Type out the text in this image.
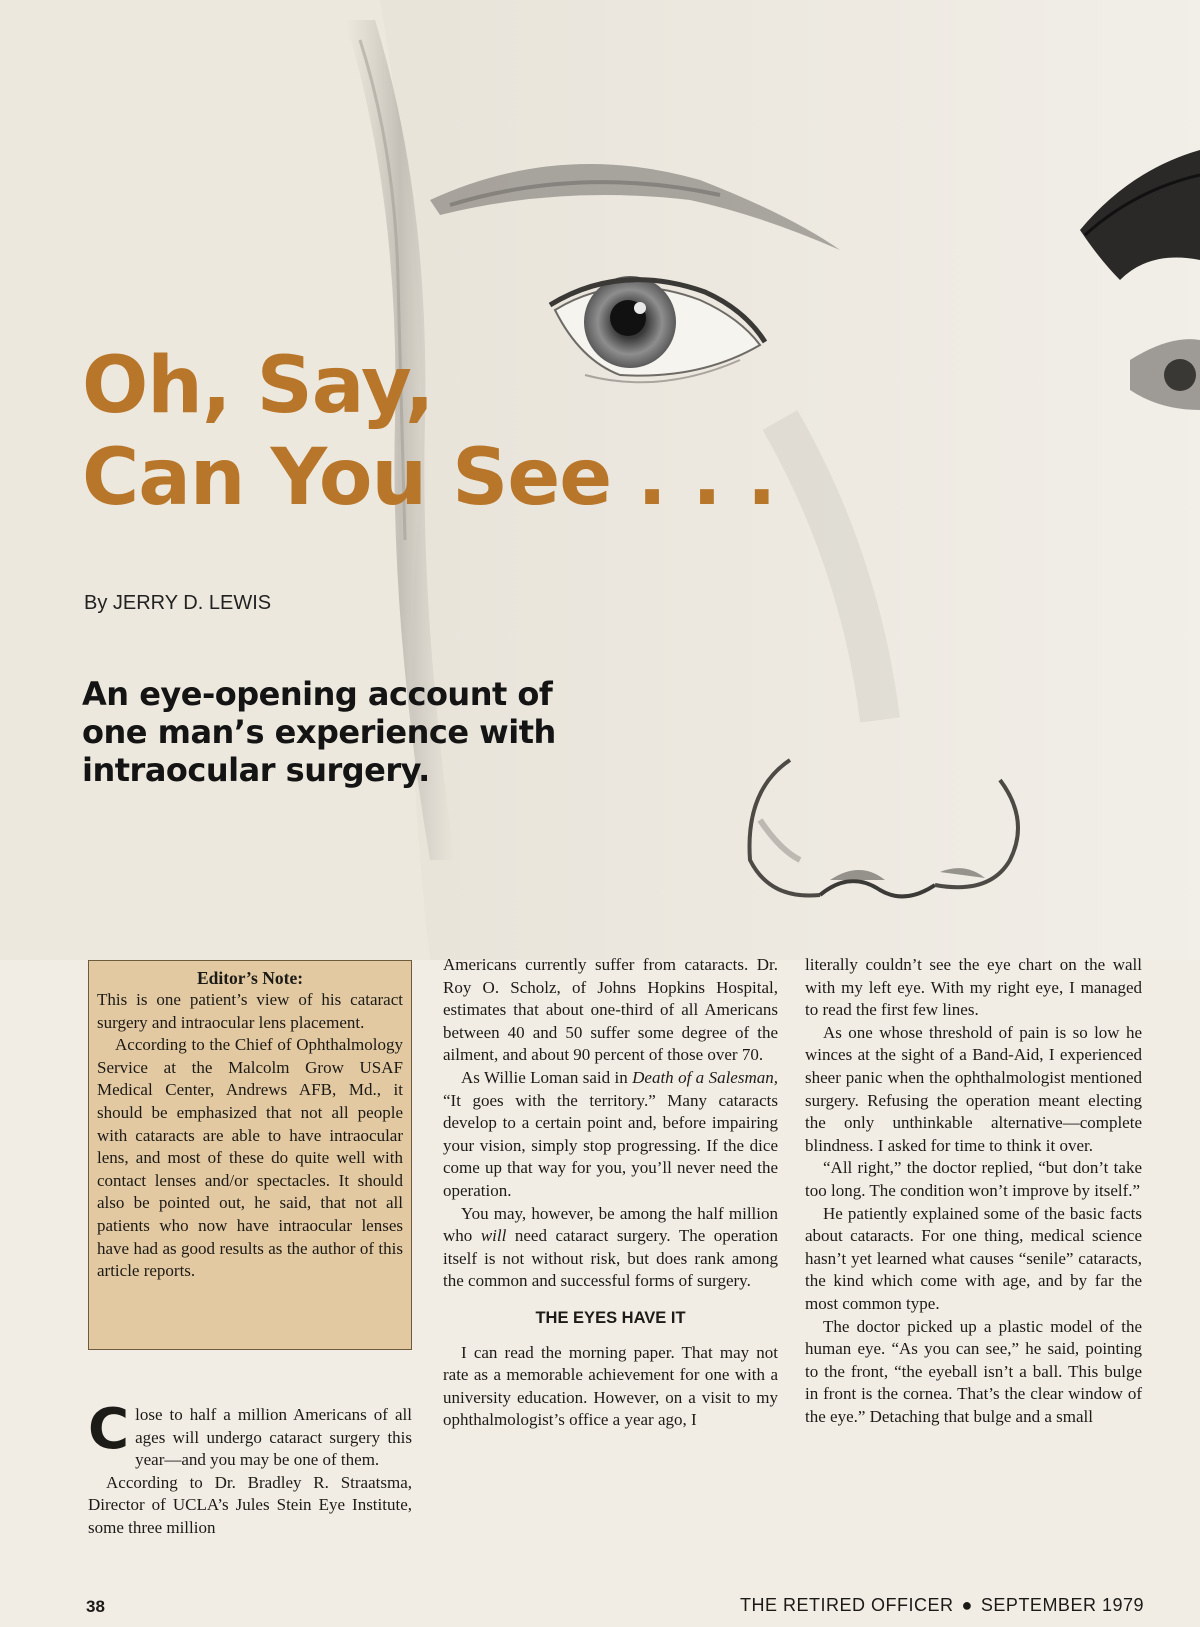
Oh, Say,
Can You See . . .
By JERRY D. LEWIS
An eye-opening account of
one man’s experience with
intraocular surgery.
Editor’s Note:

This is one patient’s view of his cataract surgery and intraocular lens placement.

According to the Chief of Ophthalmology Service at the Malcolm Grow USAF Medical Center, Andrews AFB, Md., it should be emphasized that not all people with cataracts are able to have intraocular lens, and most of these do quite well with contact lenses and/or spectacles. It should also be pointed out, he said, that not all patients who now have intraocular lenses have had as good results as the author of this article reports.

Close to half a million Americans of all ages will undergo cataract surgery this year—and you may be one of them.

According to Dr. Bradley R. Straatsma, Director of UCLA’s Jules Stein Eye Institute, some three million

Americans currently suffer from cataracts. Dr. Roy O. Scholz, of Johns Hopkins Hospital, estimates that about one-third of all Americans between 40 and 50 suffer some degree of the ailment, and about 90 percent of those over 70.

As Willie Loman said in Death of a Salesman, “It goes with the territory.” Many cataracts develop to a certain point and, before impairing your vision, simply stop progressing. If the dice come up that way for you, you’ll never need the operation.

You may, however, be among the half million who will need cataract surgery. The operation itself is not without risk, but does rank among the common and successful forms of surgery.

THE EYES HAVE IT

I can read the morning paper. That may not rate as a memorable achievement for one with a university education. However, on a visit to my ophthalmologist’s office a year ago, I

literally couldn’t see the eye chart on the wall with my left eye. With my right eye, I managed to read the first few lines.

As one whose threshold of pain is so low he winces at the sight of a Band-Aid, I experienced sheer panic when the ophthalmologist mentioned surgery. Refusing the operation meant electing the only unthinkable alternative—complete blindness. I asked for time to think it over.

“All right,” the doctor replied, “but don’t take too long. The condition won’t improve by itself.”

He patiently explained some of the basic facts about cataracts. For one thing, medical science hasn’t yet learned what causes “senile” cataracts, the kind which come with age, and by far the most common type.

The doctor picked up a plastic model of the human eye. “As you can see,” he said, pointing to the front, “the eyeball isn’t a ball. This bulge in front is the cornea. That’s the clear window of the eye.” Detaching that bulge and a small

38	THE RETIRED OFFICER ● SEPTEMBER 1979
